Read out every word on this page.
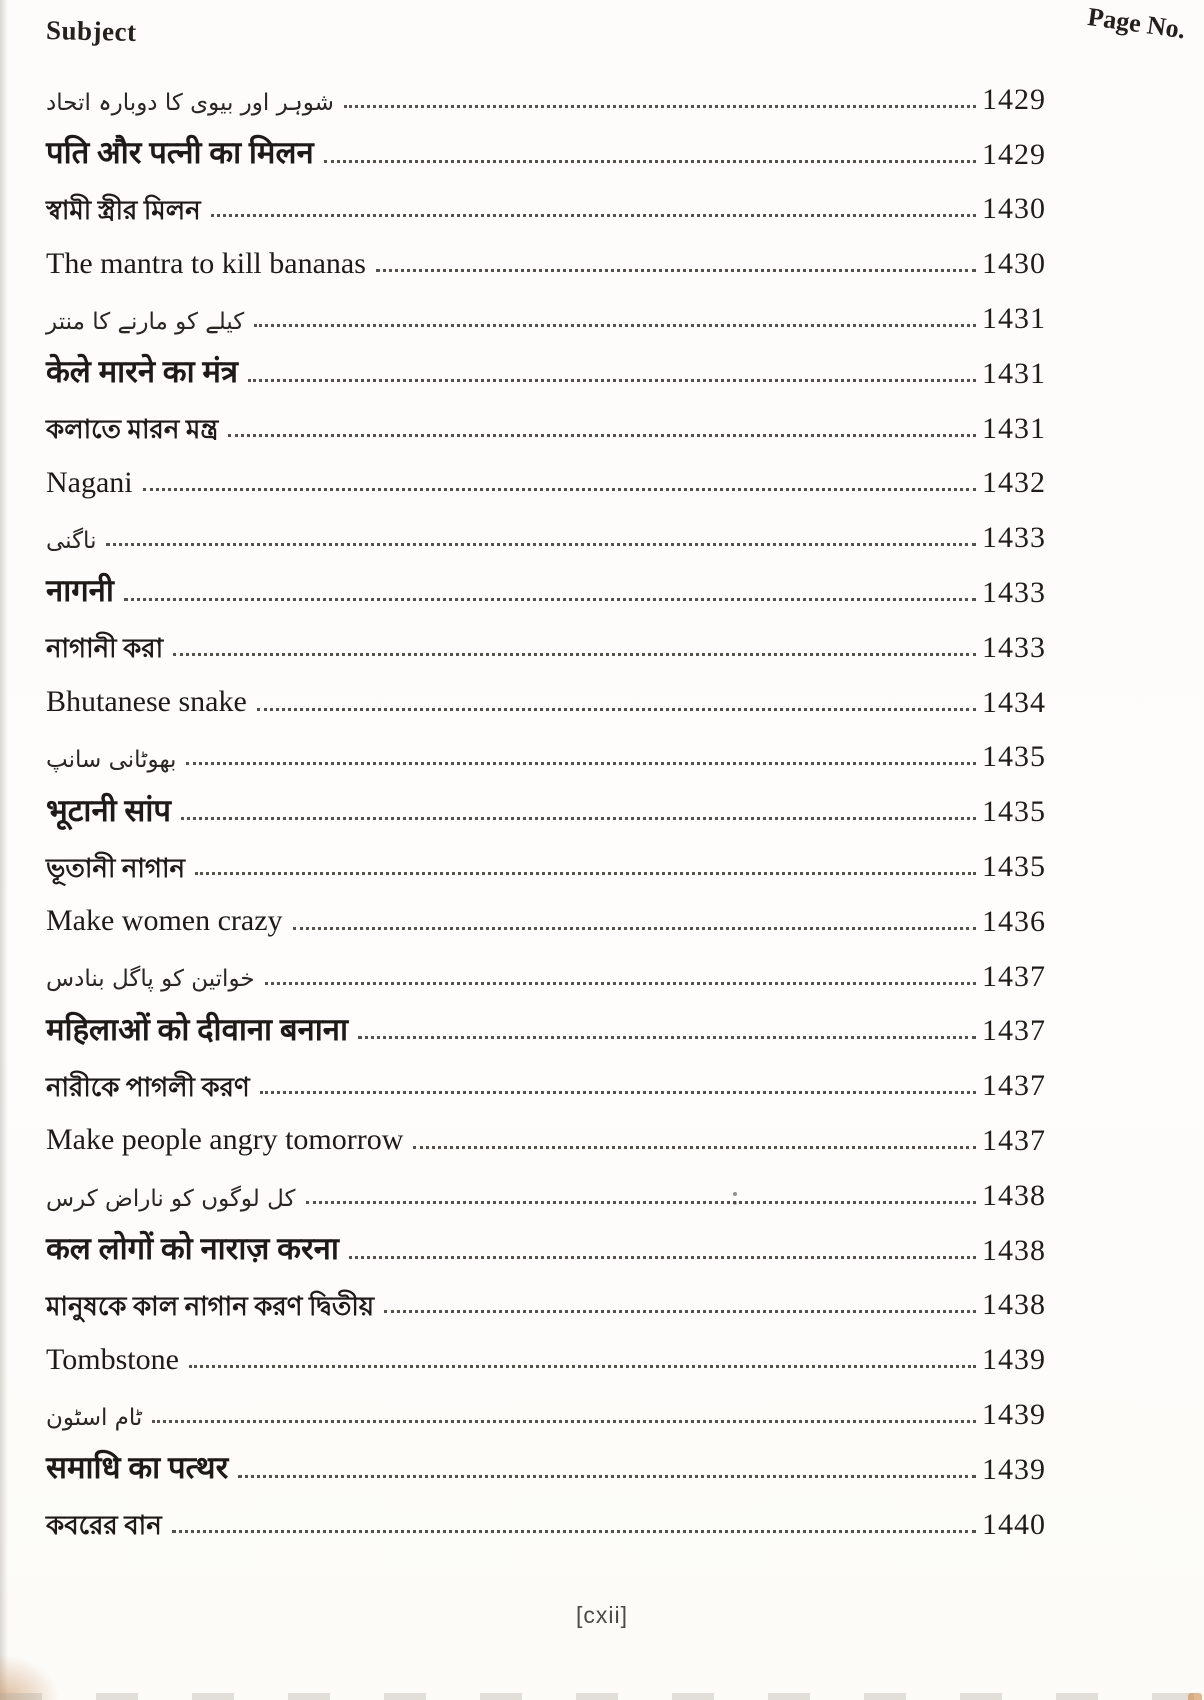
Subject	Page No.
شوہر اور بیوی کا دوبارہ اتحاد	1429
पति और पत्नी का मिलन	1429
স্বামী স্ত্রীর মিলন	1430
The mantra to kill bananas	1430
کیلے کو مارنے کا منتر	1431
केले मारने का मंत्र	1431
কলাতে মারন মন্ত্র	1431
Nagani	1432
ناگنی	1433
नागनी	1433
নাগানী করা	1433
Bhutanese snake	1434
بھوٹانی سانپ	1435
भूटानी सांप	1435
ভূতানী নাগান	1435
Make women crazy	1436
خواتین کو پاگل بنادس	1437
महिलाओं को दीवाना बनाना	1437
নারীকে পাগলী করণ	1437
Make people angry tomorrow	1437
کل لوگوں کو ناراض کرس	1438
कल लोगों को नाराज़ करना	1438
মানুষকে কাল নাগান করণ দ্বিতীয়	1438
Tombstone	1439
ٹام اسٹون	1439
समाधि का पत्थर	1439
কবরের বান	1440
[cxii]
